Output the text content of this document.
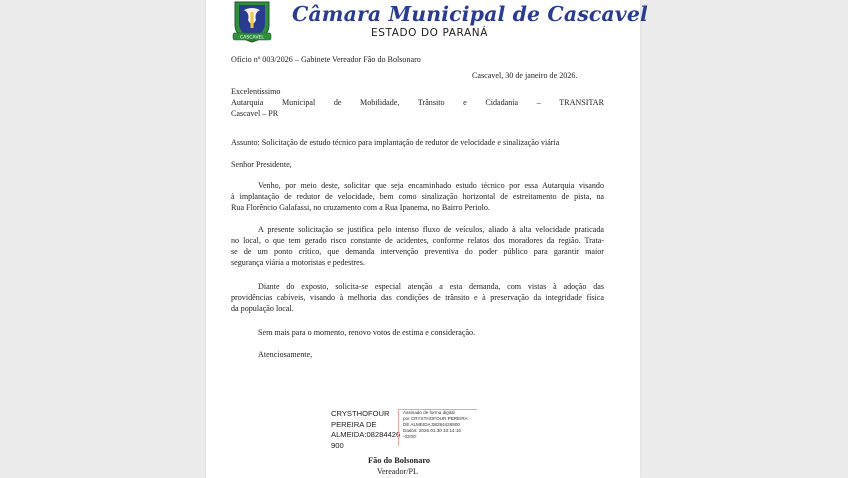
CASCAVEL
Câmara Municipal de Cascavel
ESTADO DO PARANÁ
Ofício nº 003/2026 – Gabinete Vereador Fão do Bolsonaro
Cascavel, 30 de janeiro de 2026.
Excelentíssimo
Autarquia Municipal de Mobilidade, Trânsito e Cidadania – TRANSITAR
Cascavel – PR
Assunto: Solicitação de estudo técnico para implantação de redutor de velocidade e sinalização viária
Senhor Presidente,
Venho, por meio deste, solicitar que seja encaminhado estudo técnico por essa Autarquia visando
à implantação de redutor de velocidade, bem como sinalização horizontal de estreitamento de pista, na
Rua Florêncio Galafassi, no cruzamento com a Rua Ipanema, no Bairro Periolo.
A presente solicitação se justifica pelo intenso fluxo de veículos, aliado à alta velocidade praticada
no local, o que tem gerado risco constante de acidentes, conforme relatos dos moradores da região. Trata-
se de um ponto crítico, que demanda intervenção preventiva do poder público para garantir maior
segurança viária a motoristas e pedestres.
Diante do exposto, solicita-se especial atenção a esta demanda, com vistas à adoção das
providências cabíveis, visando à melhoria das condições de trânsito e à preservação da integridade física
da população local.
Sem mais para o momento, renovo votos de estima e consideração.
Atenciosamente,
CRYSTHOFOUR
PEREIRA DE
ALMEIDA:08284426
900
Assinado de forma digital
por CRYSTHOFOUR PEREIRA
DE ALMEIDA:08284426900
Dados: 2026.01.30 10:14:16
-03'00'
Fão do Bolsonaro
Vereador/PL
